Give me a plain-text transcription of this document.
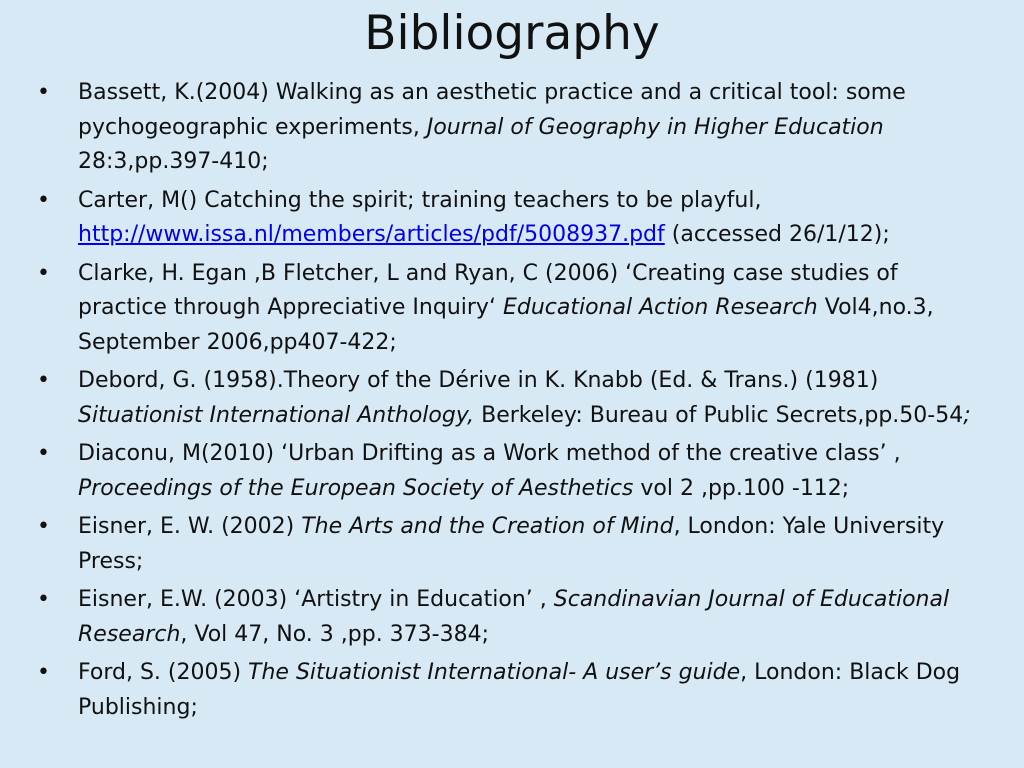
Bibliography
• Bassett, K.(2004) Walking as an aesthetic practice and a critical tool: some pychogeographic experiments, Journal of Geography in Higher Education 28:3,pp.397-410;
• Carter, M() Catching the spirit; training teachers to be playful, http://www.issa.nl/members/articles/pdf/5008937.pdf (accessed 26/1/12);
• Clarke, H. Egan ,B Fletcher, L and Ryan, C (2006) ‘Creating case studies of practice through Appreciative Inquiry‘ Educational Action Research Vol4,no.3, September 2006,pp407-422;
• Debord, G. (1958).Theory of the Dérive in K. Knabb (Ed. & Trans.) (1981) Situationist International Anthology, Berkeley: Bureau of Public Secrets,pp.50-54;
• Diaconu, M(2010) ‘Urban Drifting as a Work method of the creative class’ , Proceedings of the European Society of Aesthetics vol 2 ,pp.100 -112;
• Eisner, E. W. (2002) The Arts and the Creation of Mind, London: Yale University Press;
• Eisner, E.W. (2003) ‘Artistry in Education’ , Scandinavian Journal of Educational Research, Vol 47, No. 3 ,pp. 373-384;
• Ford, S. (2005) The Situationist International- A user’s guide, London: Black Dog Publishing;
